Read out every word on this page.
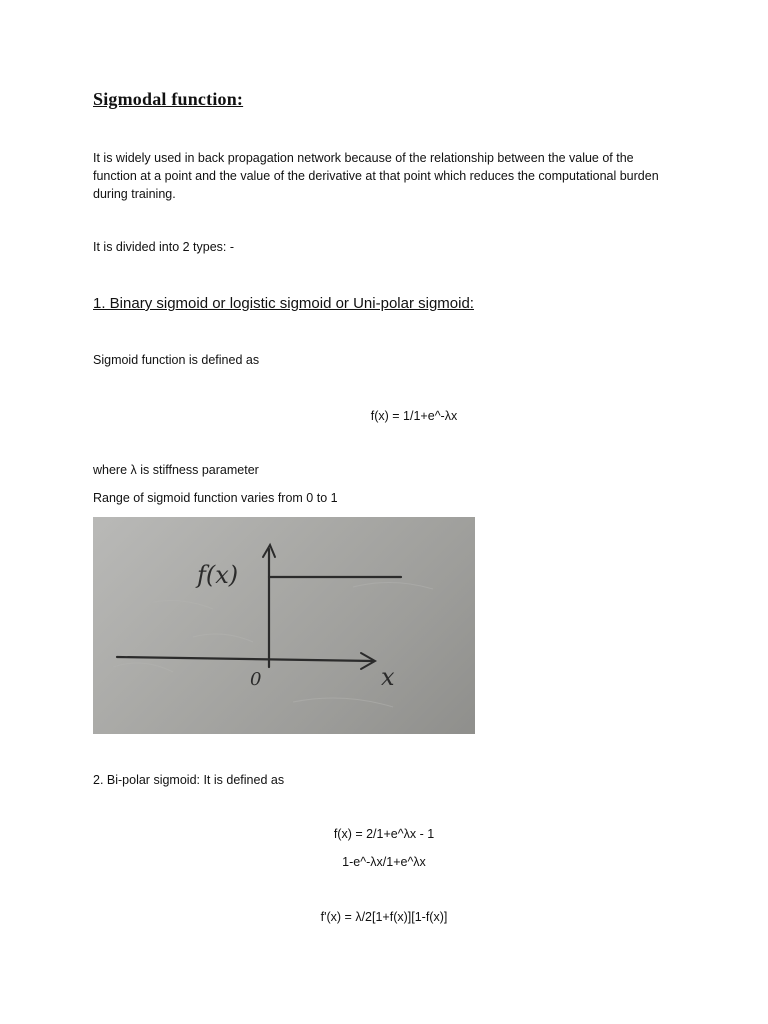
Sigmodal function:
It is widely used in back propagation network because of the relationship between the value of the function at a point and the value of the derivative at that point which reduces the computational burden during training.
It is divided into 2 types: -
1. Binary sigmoid or logistic sigmoid or Uni-polar sigmoid:
Sigmoid function is defined as
f(x) = 1/1+e^-λx
where λ is stiffness parameter
Range of sigmoid function varies from 0 to 1
f(x)
0	x
2. Bi-polar sigmoid: It is defined as
f(x) = 2/1+e^λx - 1
1-e^-λx/1+e^λx
f'(x) = λ/2[1+f(x)][1-f(x)]
